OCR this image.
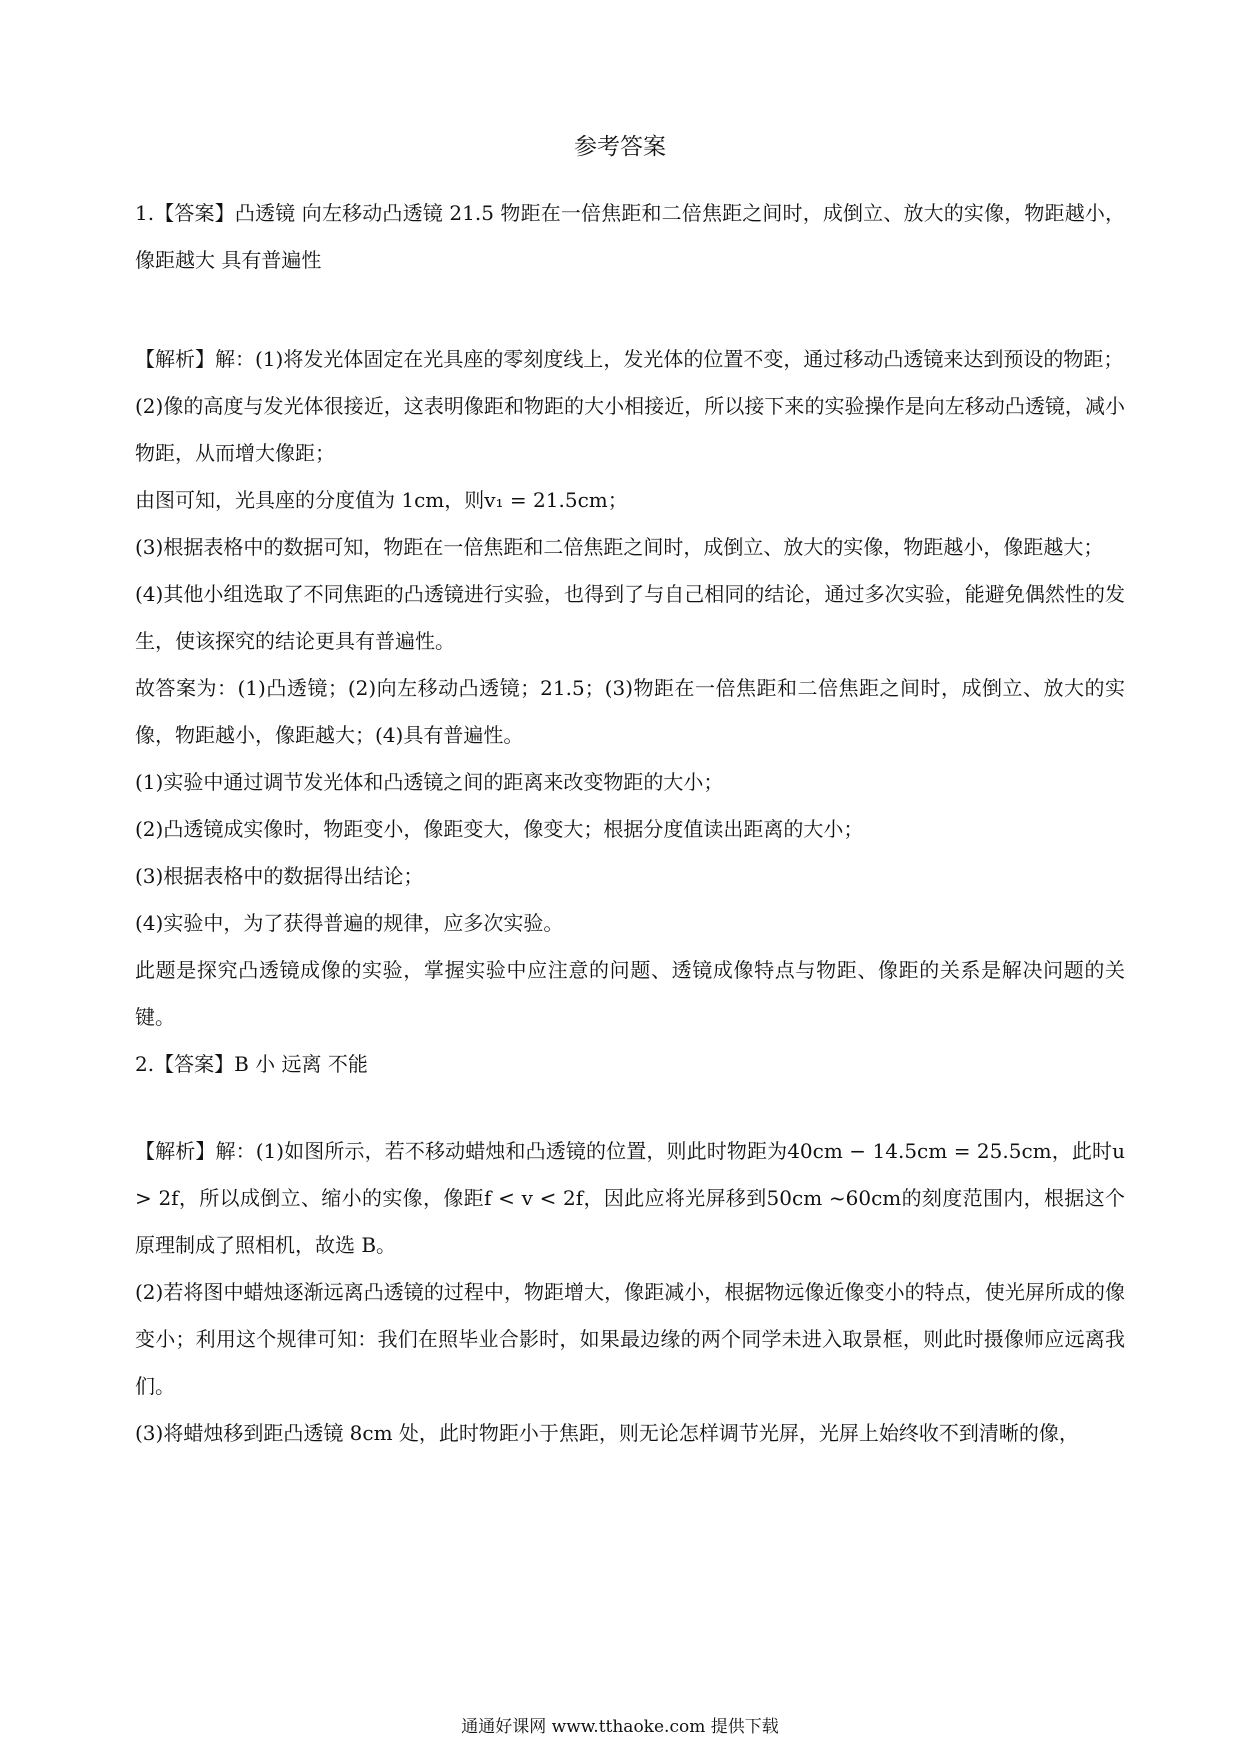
参考答案

1.【答案】凸透镜 向左移动凸透镜 21.5 物距在一倍焦距和二倍焦距之间时，成倒立、放大的实像，物距越小，像距越大 具有普遍性

【解析】解：(1)将发光体固定在光具座的零刻度线上，发光体的位置不变，通过移动凸透镜来达到预设的物距；

(2)像的高度与发光体很接近，这表明像距和物距的大小相接近，所以接下来的实验操作是向左移动凸透镜，减小物距，从而增大像距；

由图可知，光具座的分度值为 1cm，则v₁ = 21.5cm；

(3)根据表格中的数据可知，物距在一倍焦距和二倍焦距之间时，成倒立、放大的实像，物距越小，像距越大；

(4)其他小组选取了不同焦距的凸透镜进行实验，也得到了与自己相同的结论，通过多次实验，能避免偶然性的发生，使该探究的结论更具有普遍性。

故答案为：(1)凸透镜；(2)向左移动凸透镜；21.5；(3)物距在一倍焦距和二倍焦距之间时，成倒立、放大的实像，物距越小，像距越大；(4)具有普遍性。

(1)实验中通过调节发光体和凸透镜之间的距离来改变物距的大小；

(2)凸透镜成实像时，物距变小，像距变大，像变大；根据分度值读出距离的大小；

(3)根据表格中的数据得出结论；

(4)实验中，为了获得普遍的规律，应多次实验。

此题是探究凸透镜成像的实验，掌握实验中应注意的问题、透镜成像特点与物距、像距的关系是解决问题的关键。

2.【答案】B 小 远离 不能

【解析】解：(1)如图所示，若不移动蜡烛和凸透镜的位置，则此时物距为40cm − 14.5cm = 25.5cm，此时u > 2f，所以成倒立、缩小的实像，像距f < v < 2f，因此应将光屏移到50cm ~60cm的刻度范围内，根据这个原理制成了照相机，故选 B。

(2)若将图中蜡烛逐渐远离凸透镜的过程中，物距增大，像距减小，根据物远像近像变小的特点，使光屏所成的像变小；利用这个规律可知：我们在照毕业合影时，如果最边缘的两个同学未进入取景框，则此时摄像师应远离我们。

(3)将蜡烛移到距凸透镜 8cm 处，此时物距小于焦距，则无论怎样调节光屏，光屏上始终收不到清晰的像，

通通好课网 www.tthaoke.com 提供下载
